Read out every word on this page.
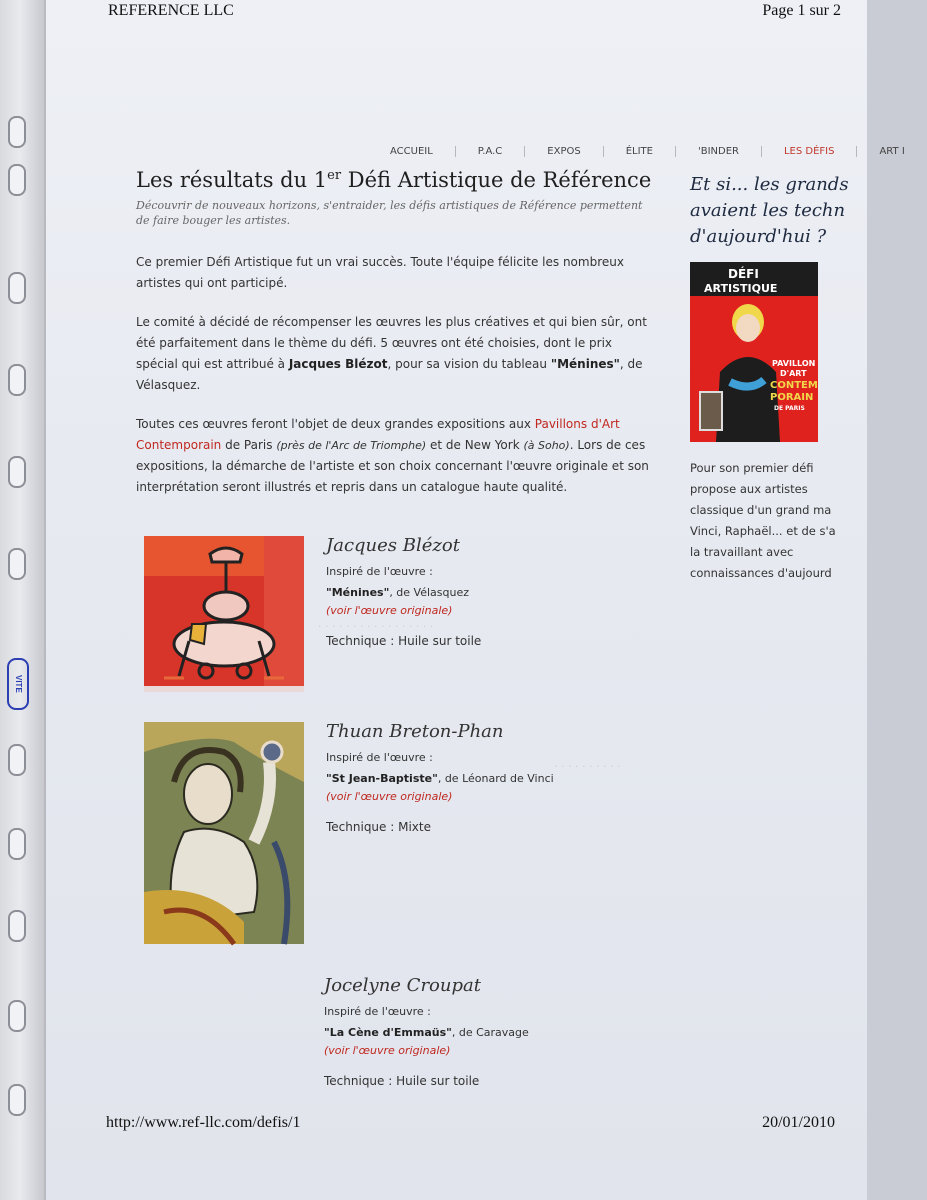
VITE
· · · · · · · · · · · · · · · · ·
· · · · · · · · · ·
REFERENCE LLC	Page 1 sur 2
ACCUEIL	P.A.C	EXPOS	ÉLITE	'BINDER	LES DÉFIS	ART I
Les résultats du 1er Défi Artistique de Référence

Découvrir de nouveaux horizons, s'entraider, les défis artistiques de Référence permettent de faire bouger les artistes.

Ce premier Défi Artistique fut un vrai succès. Toute l'équipe félicite les nombreux artistes qui ont participé.

Le comité à décidé de récompenser les œuvres les plus créatives et qui bien sûr, ont été parfaitement dans le thème du défi. 5 œuvres ont été choisies, dont le prix spécial qui est attribué à Jacques Blézot, pour sa vision du tableau "Ménines", de Vélasquez.

Toutes ces œuvres feront l'objet de deux grandes expositions aux Pavillons d'Art Contemporain de Paris (près de l'Arc de Triomphe) et de New York (à Soho). Lors de ces expositions, la démarche de l'artiste et son choix concernant l'œuvre originale et son interprétation seront illustrés et repris dans un catalogue haute qualité.

Jacques Blézot
Inspiré de l'œuvre :
"Ménines", de Vélasquez
(voir l'œuvre originale)
Technique : Huile sur toile
Thuan Breton-Phan
Inspiré de l'œuvre :
"St Jean-Baptiste", de Léonard de Vinci
(voir l'œuvre originale)
Technique : Mixte
Jocelyne Croupat
Inspiré de l'œuvre :
"La Cène d'Emmaüs", de Caravage
(voir l'œuvre originale)
Technique : Huile sur toile
Et si... les grands
avaient les techn
d'aujourd'hui ?
DÉFI
ARTISTIQUE
PAVILLON
D'ART
CONTEM
PORAIN
DE PARIS
Pour son premier défi
propose aux artistes
classique d'un grand ma
Vinci, Raphaël... et de s'a
la travaillant avec
connaissances d'aujourd
http://www.ref-llc.com/defis/1	20/01/2010
